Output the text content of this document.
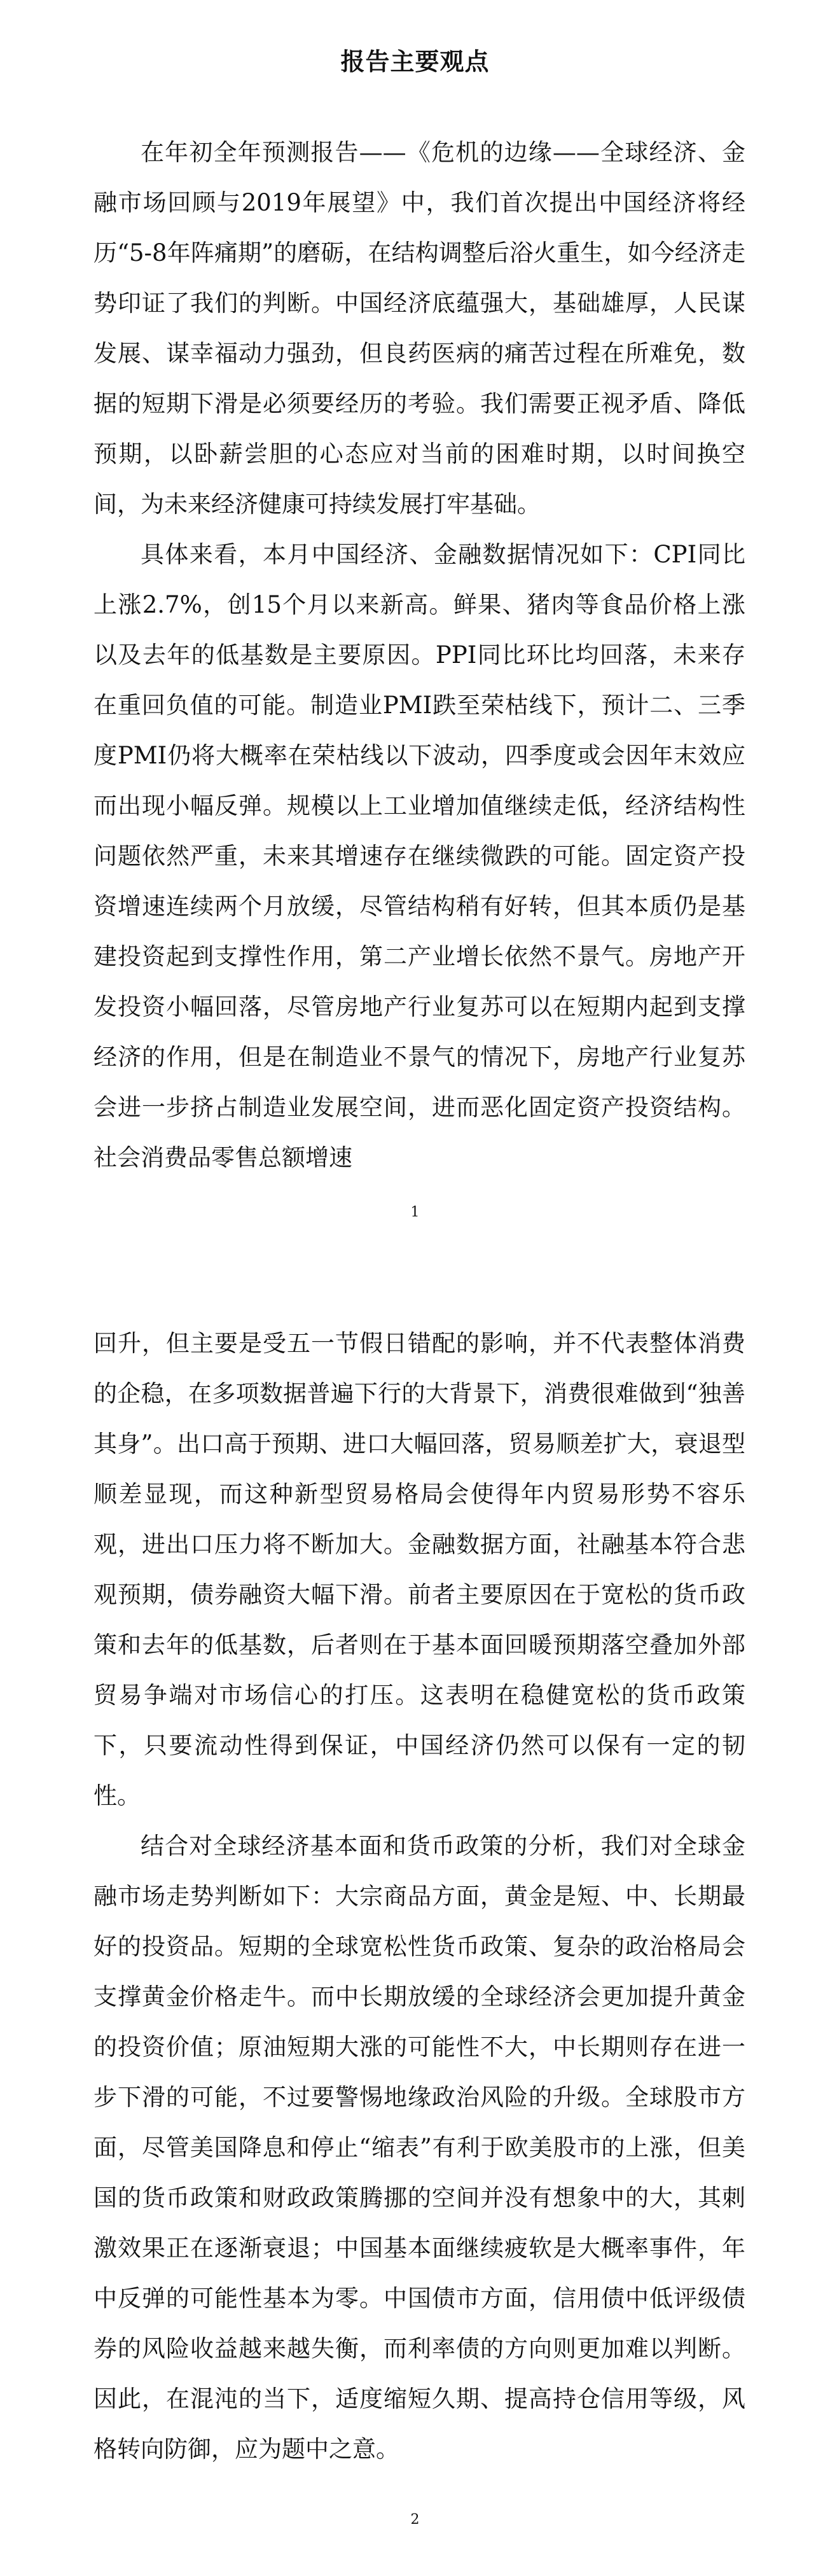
报告主要观点

在年初全年预测报告——《危机的边缘——全球经济、金融市场回顾与2019年展望》中，我们首次提出中国经济将经历“5-8年阵痛期”的磨砺，在结构调整后浴火重生，如今经济走势印证了我们的判断。中国经济底蕴强大，基础雄厚，人民谋发展、谋幸福动力强劲，但良药医病的痛苦过程在所难免，数据的短期下滑是必须要经历的考验。我们需要正视矛盾、降低预期，以卧薪尝胆的心态应对当前的困难时期，以时间换空间，为未来经济健康可持续发展打牢基础。

具体来看，本月中国经济、金融数据情况如下：CPI同比上涨2.7%，创15个月以来新高。鲜果、猪肉等食品价格上涨以及去年的低基数是主要原因。PPI同比环比均回落，未来存在重回负值的可能。制造业PMI跌至荣枯线下，预计二、三季度PMI仍将大概率在荣枯线以下波动，四季度或会因年末效应而出现小幅反弹。规模以上工业增加值继续走低，经济结构性问题依然严重，未来其增速存在继续微跌的可能。固定资产投资增速连续两个月放缓，尽管结构稍有好转，但其本质仍是基建投资起到支撑性作用，第二产业增长依然不景气。房地产开发投资小幅回落，尽管房地产行业复苏可以在短期内起到支撑经济的作用，但是在制造业不景气的情况下，房地产行业复苏会进一步挤占制造业发展空间，进而恶化固定资产投资结构。社会消费品零售总额增速

1

回升，但主要是受五一节假日错配的影响，并不代表整体消费的企稳，在多项数据普遍下行的大背景下，消费很难做到“独善其身”。出口高于预期、进口大幅回落，贸易顺差扩大，衰退型顺差显现，而这种新型贸易格局会使得年内贸易形势不容乐观，进出口压力将不断加大。金融数据方面，社融基本符合悲观预期，债券融资大幅下滑。前者主要原因在于宽松的货币政策和去年的低基数，后者则在于基本面回暖预期落空叠加外部贸易争端对市场信心的打压。这表明在稳健宽松的货币政策下，只要流动性得到保证，中国经济仍然可以保有一定的韧性。

结合对全球经济基本面和货币政策的分析，我们对全球金融市场走势判断如下：大宗商品方面，黄金是短、中、长期最好的投资品。短期的全球宽松性货币政策、复杂的政治格局会支撑黄金价格走牛。而中长期放缓的全球经济会更加提升黄金的投资价值；原油短期大涨的可能性不大，中长期则存在进一步下滑的可能，不过要警惕地缘政治风险的升级。全球股市方面，尽管美国降息和停止“缩表”有利于欧美股市的上涨，但美国的货币政策和财政政策腾挪的空间并没有想象中的大，其刺激效果正在逐渐衰退；中国基本面继续疲软是大概率事件，年中反弹的可能性基本为零。中国债市方面，信用债中低评级债券的风险收益越来越失衡，而利率债的方向则更加难以判断。因此，在混沌的当下，适度缩短久期、提高持仓信用等级，风格转向防御，应为题中之意。

2
